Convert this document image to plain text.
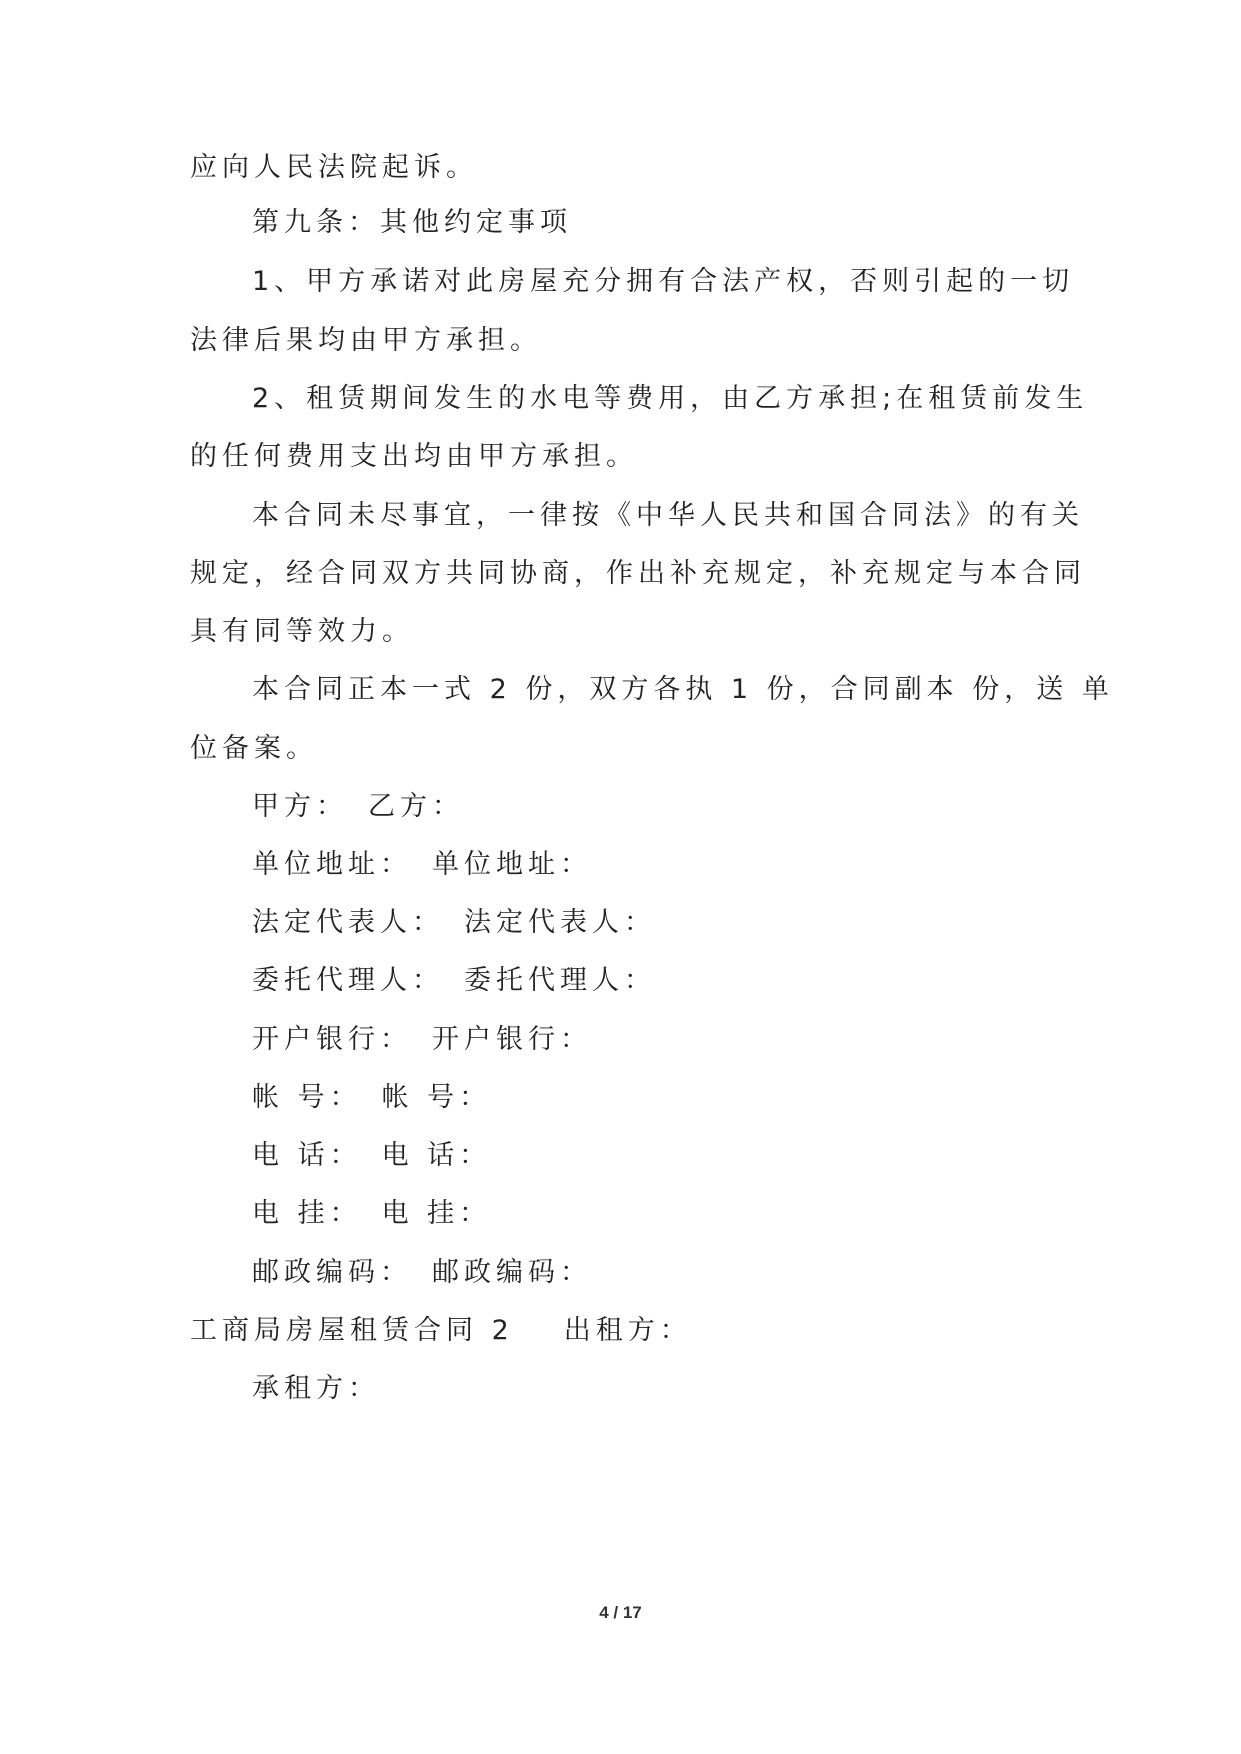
应向人民法院起诉。
第九条：其他约定事项
1、甲方承诺对此房屋充分拥有合法产权，否则引起的一切
法律后果均由甲方承担。
2、租赁期间发生的水电等费用，由乙方承担;在租赁前发生
的任何费用支出均由甲方承担。
本合同未尽事宜，一律按《中华人民共和国合同法》的有关
规定，经合同双方共同协商，作出补充规定，补充规定与本合同
具有同等效力。
本合同正本一式 2 份，双方各执 1 份，合同副本 份，送 单
位备案。
甲方： 乙方：
单位地址： 单位地址：
法定代表人： 法定代表人：
委托代理人： 委托代理人：
开户银行： 开户银行：
帐 号： 帐 号：
电 话： 电 话：
电 挂： 电 挂：
邮政编码： 邮政编码：
工商局房屋租赁合同 2 出租方：
承租方：
4 / 17
